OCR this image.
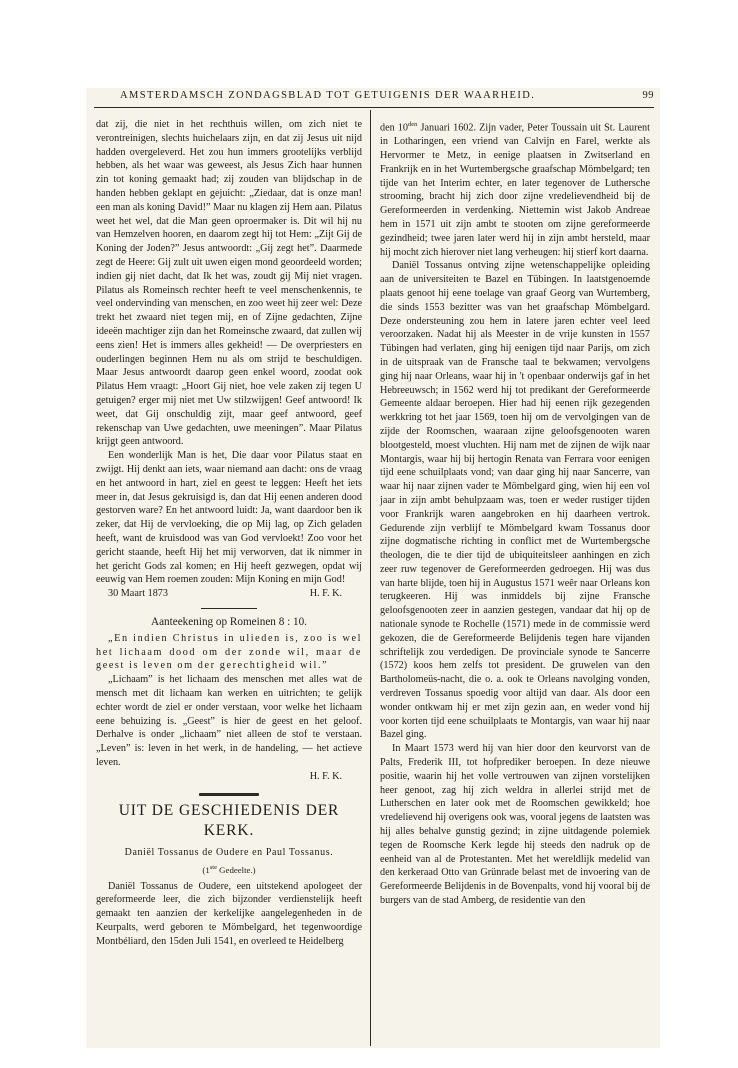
AMSTERDAMSCH ZONDAGSBLAD TOT GETUIGENIS DER WAARHEID.	99

dat zij, die niet in het rechthuis willen, om zich niet te verontreinigen, slechts huichelaars zijn, en dat zij Jesus uit nijd hadden overgeleverd. Het zou hun immers grootelijks verblijd hebben, als het waar was geweest, als Jesus Zich haar hunnen zin tot koning gemaakt had; zij zouden van blijdschap in de handen hebben geklapt en gejuicht: „Ziedaar, dat is onze man! een man als koning David!” Maar nu klagen zij Hem aan. Pilatus weet het wel, dat die Man geen oproermaker is. Dit wil hij nu van Hemzelven hooren, en daarom zegt hij tot Hem: „Zijt Gij de Koning der Joden?” Jesus antwoordt: „Gij zegt het”. Daarmede zegt de Heere: Gij zult uit uwen eigen mond geoordeeld worden; indien gij niet dacht, dat Ik het was, zoudt gij Mij niet vragen. Pilatus als Romeinsch rechter heeft te veel menschenkennis, te veel ondervinding van menschen, en zoo weet hij zeer wel: Deze trekt het zwaard niet tegen mij, en of Zijne gedachten, Zijne ideeën machtiger zijn dan het Romeinsche zwaard, dat zullen wij eens zien! Het is immers alles gekheid! — De overpriesters en ouderlingen beginnen Hem nu als om strijd te beschuldigen. Maar Jesus antwoordt daarop geen enkel woord, zoodat ook Pilatus Hem vraagt: „Hoort Gij niet, hoe vele zaken zij tegen U getuigen? erger mij niet met Uw stilzwijgen! Geef antwoord! Ik weet, dat Gij onschuldig zijt, maar geef antwoord, geef rekenschap van Uwe gedachten, uwe meeningen”. Maar Pilatus krijgt geen antwoord.

Een wonderlijk Man is het, Die daar voor Pilatus staat en zwijgt. Hij denkt aan iets, waar niemand aan dacht: ons de vraag en het antwoord in hart, ziel en geest te leggen: Heeft het iets meer in, dat Jesus gekruisigd is, dan dat Hij eenen anderen dood gestorven ware? En het antwoord luidt: Ja, want daardoor ben ik zeker, dat Hij de vervloeking, die op Mij lag, op Zich geladen heeft, want de kruisdood was van God vervloekt! Zoo voor het gericht staande, heeft Hij het mij verworven, dat ik nimmer in het gericht Gods zal komen; en Hij heeft gezwegen, opdat wij eeuwig van Hem roemen zouden: Mijn Koning en mijn God!

30 Maart 1873	H. F. K.
Aanteekening op Romeinen 8 : 10.

„En indien Christus in ulieden is, zoo is wel het lichaam dood om der zonde wil, maar de geest is leven om der gerechtigheid wil.”

„Lichaam” is het lichaam des menschen met alles wat de mensch met dit lichaam kan werken en uitrichten; te gelijk echter wordt de ziel er onder verstaan, voor welke het lichaam eene behuizing is. „Geest” is hier de geest en het geloof. Derhalve is onder „lichaam” niet alleen de stof te verstaan. „Leven” is: leven in het werk, in de handeling, — het actieve leven.

H. F. K.
UIT DE GESCHIEDENIS DER KERK.
Daniël Tossanus de Oudere en Paul Tossanus.
(1ste Gedeelte.)

Daniël Tossanus de Oudere, een uitstekend apologeet der gereformeerde leer, die zich bijzonder verdienstelijk heeft gemaakt ten aanzien der kerkelijke aangelegenheden in de Keurpalts, werd geboren te Mömbelgard, het tegenwoordige Montbéliard, den 15den Juli 1541, en overleed te Heidelberg

den $10^{den}$ Januari 1602. Zijn vader, Peter Toussain uit St. Laurent in Lotharingen, een vriend van Calvijn en Farel, werkte als Hervormer te Metz, in eenige plaatsen in Zwitserland en Frankrijk en in het Wurtembergsche graafschap Mömbelgard; ten tijde van het Interim echter, en later tegenover de Luthersche strooming, bracht hij zich door zijne vredelievendheid bij de Gereformeerden in verdenking. Niettemin wist Jakob Andreae hem in 1571 uit zijn ambt te stooten om zijne gereformeerde gezindheid; twee jaren later werd hij in zijn ambt hersteld, maar hij mocht zich hierover niet lang verheugen: hij stierf kort daarna.

Daniël Tossanus ontving zijne wetenschappelijke opleiding aan de universiteiten te Bazel en Tübingen. In laatstgenoemde plaats genoot hij eene toelage van graaf Georg van Wurtemberg, die sinds 1553 bezitter was van het graafschap Mömbelgard. Deze ondersteuning zou hem in latere jaren echter veel leed veroorzaken. Nadat hij als Meester in de vrije kunsten in 1557 Tübingen had verlaten, ging hij eenigen tijd naar Parijs, om zich in de uitspraak van de Fransche taal te bekwamen; vervolgens ging hij naar Orleans, waar hij in 't openbaar onderwijs gaf in het Hebreeuwsch; in 1562 werd hij tot predikant der Gereformeerde Gemeente aldaar beroepen. Hier had hij eenen rijk gezegenden werkkring tot het jaar 1569, toen hij om de vervolgingen van de zijde der Roomschen, waaraan zijne geloofsgenooten waren blootgesteld, moest vluchten. Hij nam met de zijnen de wijk naar Montargis, waar hij bij hertogin Renata van Ferrara voor eenigen tijd eene schuilplaats vond; van daar ging hij naar Sancerre, van waar hij naar zijnen vader te Mömbelgard ging, wien hij een vol jaar in zijn ambt behulpzaam was, toen er weder rustiger tijden voor Frankrijk waren aangebroken en hij daarheen vertrok. Gedurende zijn verblijf te Mömbelgard kwam Tossanus door zijne dogmatische richting in conflict met de Wurtembergsche theologen, die te dier tijd de ubiquiteitsleer aanhingen en zich zeer ruw tegenover de Gereformeerden gedroegen. Hij was dus van harte blijde, toen hij in Augustus 1571 weêr naar Orleans kon terugkeeren. Hij was inmiddels bij zijne Fransche geloofsgenooten zeer in aanzien gestegen, vandaar dat hij op de nationale synode te Rochelle (1571) mede in de commissie werd gekozen, die de Gereformeerde Belijdenis tegen hare vijanden schriftelijk zou verdedigen. De provinciale synode te Sancerre (1572) koos hem zelfs tot president. De gruwelen van den Bartholomeüs-nacht, die o. a. ook te Orleans navolging vonden, verdreven Tossanus spoedig voor altijd van daar. Als door een wonder ontkwam hij er met zijn gezin aan, en weder vond hij voor korten tijd eene schuilplaats te Montargis, van waar hij naar Bazel ging.

In Maart 1573 werd hij van hier door den keurvorst van de Palts, Frederik III, tot hofprediker beroepen. In deze nieuwe positie, waarin hij het volle vertrouwen van zijnen vorstelijken heer genoot, zag hij zich weldra in allerlei strijd met de Lutherschen en later ook met de Roomschen gewikkeld; hoe vredelievend hij overigens ook was, vooral jegens de laatsten was hij alles behalve gunstig gezind; in zijne uitdagende polemiek tegen de Roomsche Kerk legde hij steeds den nadruk op de eenheid van al de Protestanten. Met het wereldlijk medelid van den kerkeraad Otto van Grünrade belast met de invoering van de Gereformeerde Belijdenis in de Bovenpalts, vond hij vooral bij de burgers van de stad Amberg, de residentie van den
